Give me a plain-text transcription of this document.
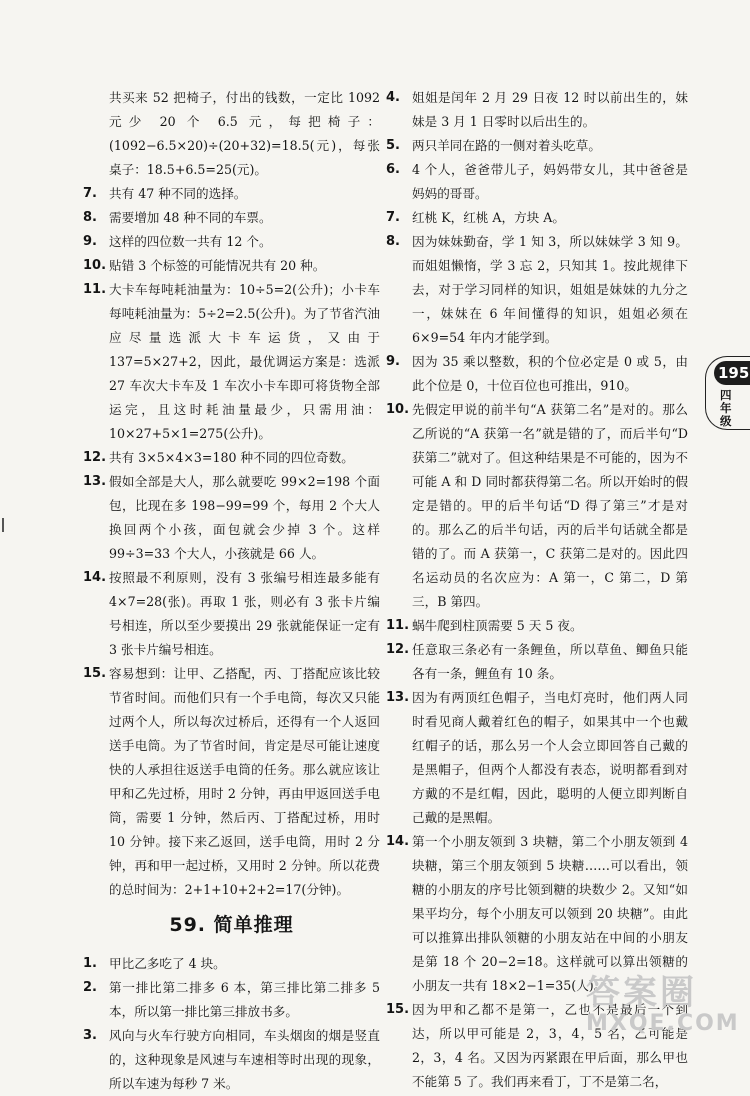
共买来 52 把椅子，付出的钱数，一定比 1092 元少 20 个 6.5 元，每把椅子：(1092−6.5×20)÷(20+32)=18.5(元)，每张桌子：18.5+6.5=25(元)。
7. 共有 47 种不同的选择。
8. 需要增加 48 种不同的车票。
9. 这样的四位数一共有 12 个。
10. 贴错 3 个标签的可能情况共有 20 种。
11. 大卡车每吨耗油量为：10÷5=2(公升)；小卡车每吨耗油量为：5÷2=2.5(公升)。为了节省汽油应尽量选派大卡车运货，又由于 137=5×27+2，因此，最优调运方案是：选派 27 车次大卡车及 1 车次小卡车即可将货物全部运完，且这时耗油量最少，只需用油：10×27+5×1=275(公升)。
12. 共有 3×5×4×3=180 种不同的四位奇数。
13. 假如全部是大人，那么就要吃 99×2=198 个面包，比现在多 198−99=99 个，每用 2 个大人换回两个小孩，面包就会少掉 3 个。这样 99÷3=33 个大人，小孩就是 66 人。
14. 按照最不利原则，没有 3 张编号相连最多能有 4×7=28(张)。再取 1 张，则必有 3 张卡片编号相连，所以至少要摸出 29 张就能保证一定有 3 张卡片编号相连。
15. 容易想到：让甲、乙搭配，丙、丁搭配应该比较节省时间。而他们只有一个手电筒，每次又只能过两个人，所以每次过桥后，还得有一个人返回送手电筒。为了节省时间，肯定是尽可能让速度快的人承担往返送手电筒的任务。那么就应该让甲和乙先过桥，用时 2 分钟，再由甲返回送手电筒，需要 1 分钟，然后丙、丁搭配过桥，用时 10 分钟。接下来乙返回，送手电筒，用时 2 分钟，再和甲一起过桥，又用时 2 分钟。所以花费的总时间为：2+1+10+2+2=17(分钟)。
59. 简单推理
1. 甲比乙多吃了 4 块。
2. 第一排比第二排多 6 本，第三排比第二排多 5 本，所以第一排比第三排放书多。
3. 风向与火车行驶方向相同，车头烟囱的烟是竖直的，这种现象是风速与车速相等时出现的现象，所以车速为每秒 7 米。
4. 姐姐是闰年 2 月 29 日夜 12 时以前出生的，妹妹是 3 月 1 日零时以后出生的。
5. 两只羊同在路的一侧对着头吃草。
6. 4 个人，爸爸带儿子，妈妈带女儿，其中爸爸是妈妈的哥哥。
7. 红桃 K，红桃 A，方块 A。
8. 因为妹妹勤奋，学 1 知 3，所以妹妹学 3 知 9。而姐姐懒惰，学 3 忘 2，只知其 1。按此规律下去，对于学习同样的知识，姐姐是妹妹的九分之一，妹妹在 6 年间懂得的知识，姐姐必须在 6×9=54 年内才能学到。
9. 因为 35 乘以整数，积的个位必定是 0 或 5，由此个位是 0，十位百位也可推出，910。
10. 先假定甲说的前半句“A 获第二名”是对的。那么乙所说的“A 获第一名”就是错的了，而后半句“D 获第二”就对了。但这种结果是不可能的，因为不可能 A 和 D 同时都获得第二名。所以开始时的假定是错的。甲的后半句话“D 得了第三”才是对的。那么乙的后半句话，丙的后半句话就全都是错的了。而 A 获第一，C 获第二是对的。因此四名运动员的名次应为：A 第一，C 第二，D 第三，B 第四。
11. 蜗牛爬到柱顶需要 5 天 5 夜。
12. 任意取三条必有一条鲤鱼，所以草鱼、鲫鱼只能各有一条，鲤鱼有 10 条。
13. 因为有两顶红色帽子，当电灯亮时，他们两人同时看见商人戴着红色的帽子，如果其中一个也戴红帽子的话，那么另一个人会立即回答自己戴的是黑帽子，但两个人都没有表态，说明都看到对方戴的不是红帽，因此，聪明的人便立即判断自己戴的是黑帽。
14. 第一个小朋友领到 3 块糖，第二个小朋友领到 4 块糖，第三个朋友领到 5 块糖……可以看出，领糖的小朋友的序号比领到糖的块数少 2。又知“如果平均分，每个小朋友可以领到 20 块糖”。由此可以推算出排队领糖的小朋友站在中间的小朋友是第 18 个 20−2=18。这样就可以算出领糖的小朋友一共有 18×2−1=35(人)。
15. 因为甲和乙都不是第一，乙也不是最后一个到达，所以甲可能是 2，3，4，5 名，乙可能是 2，3，4 名。又因为丙紧跟在甲后面，那么甲也不能第 5 了。我们再来看丁，丁不是第二名，
195
四年级
答案圈
MXQE.COM
